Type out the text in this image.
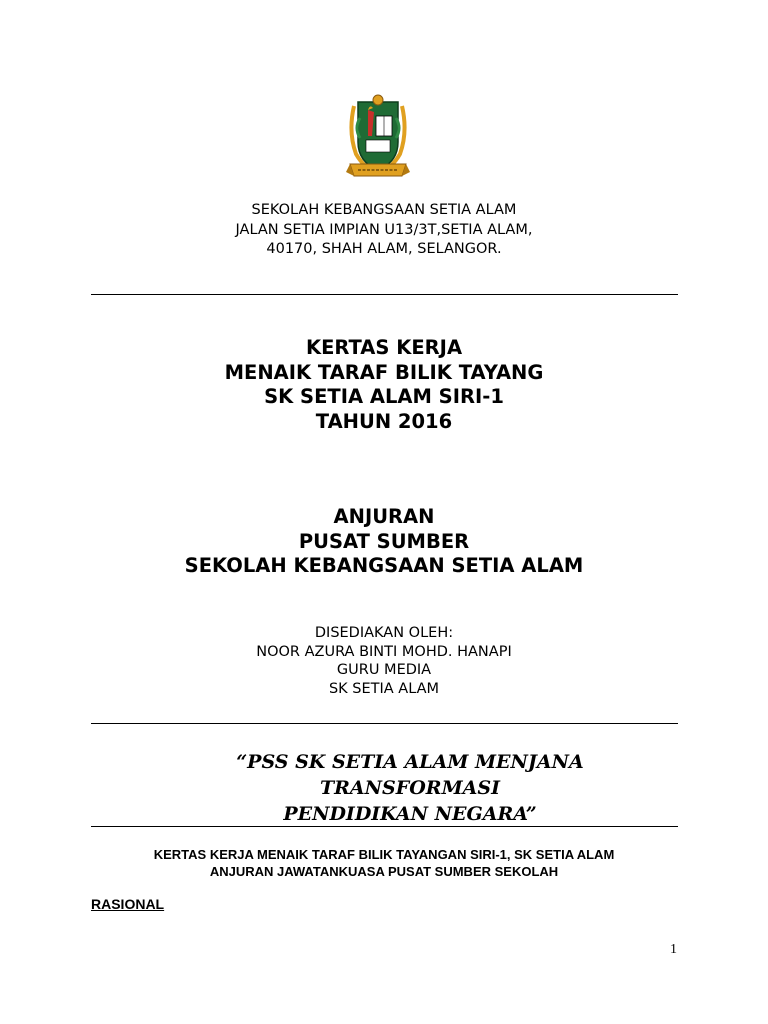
SEKOLAH KEBANGSAAN SETIA ALAM
JALAN SETIA IMPIAN U13/3T,SETIA ALAM,
40170, SHAH ALAM, SELANGOR.
KERTAS KERJA
MENAIK TARAF BILIK TAYANG
SK SETIA ALAM SIRI-1
TAHUN 2016
ANJURAN
PUSAT SUMBER
SEKOLAH KEBANGSAAN SETIA ALAM
DISEDIAKAN OLEH:
NOOR AZURA BINTI MOHD. HANAPI
GURU MEDIA
SK SETIA ALAM
“PSS SK SETIA ALAM MENJANA TRANSFORMASI
PENDIDIKAN NEGARA”
KERTAS KERJA MENAIK TARAF BILIK TAYANGAN SIRI-1, SK SETIA ALAM
ANJURAN JAWATANKUASA PUSAT SUMBER SEKOLAH
RASIONAL
1
